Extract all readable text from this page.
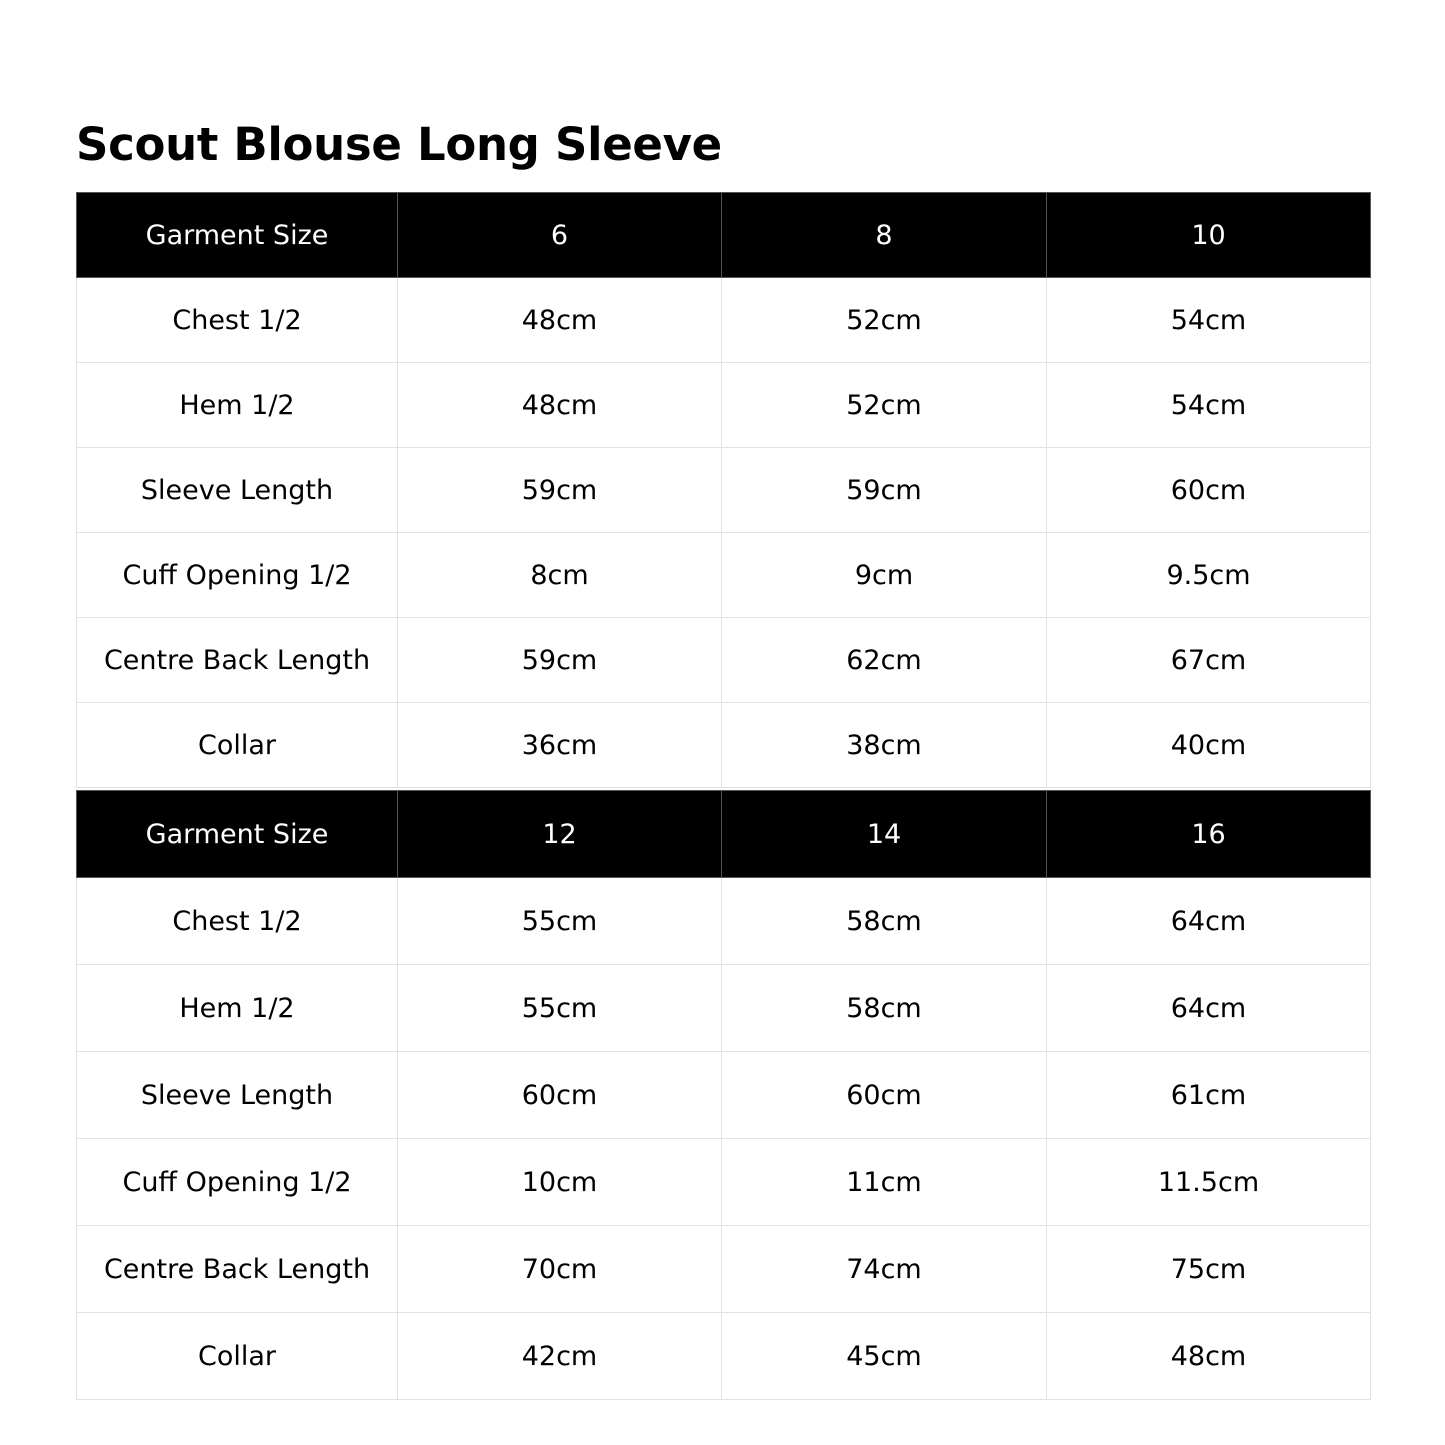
Scout Blouse Long Sleeve
Garment Size	6	8	10
Chest 1/2	48cm	52cm	54cm
Hem 1/2	48cm	52cm	54cm
Sleeve Length	59cm	59cm	60cm
Cuff Opening 1/2	8cm	9cm	9.5cm
Centre Back Length	59cm	62cm	67cm
Collar	36cm	38cm	40cm
Garment Size	12	14	16
Chest 1/2	55cm	58cm	64cm
Hem 1/2	55cm	58cm	64cm
Sleeve Length	60cm	60cm	61cm
Cuff Opening 1/2	10cm	11cm	11.5cm
Centre Back Length	70cm	74cm	75cm
Collar	42cm	45cm	48cm
